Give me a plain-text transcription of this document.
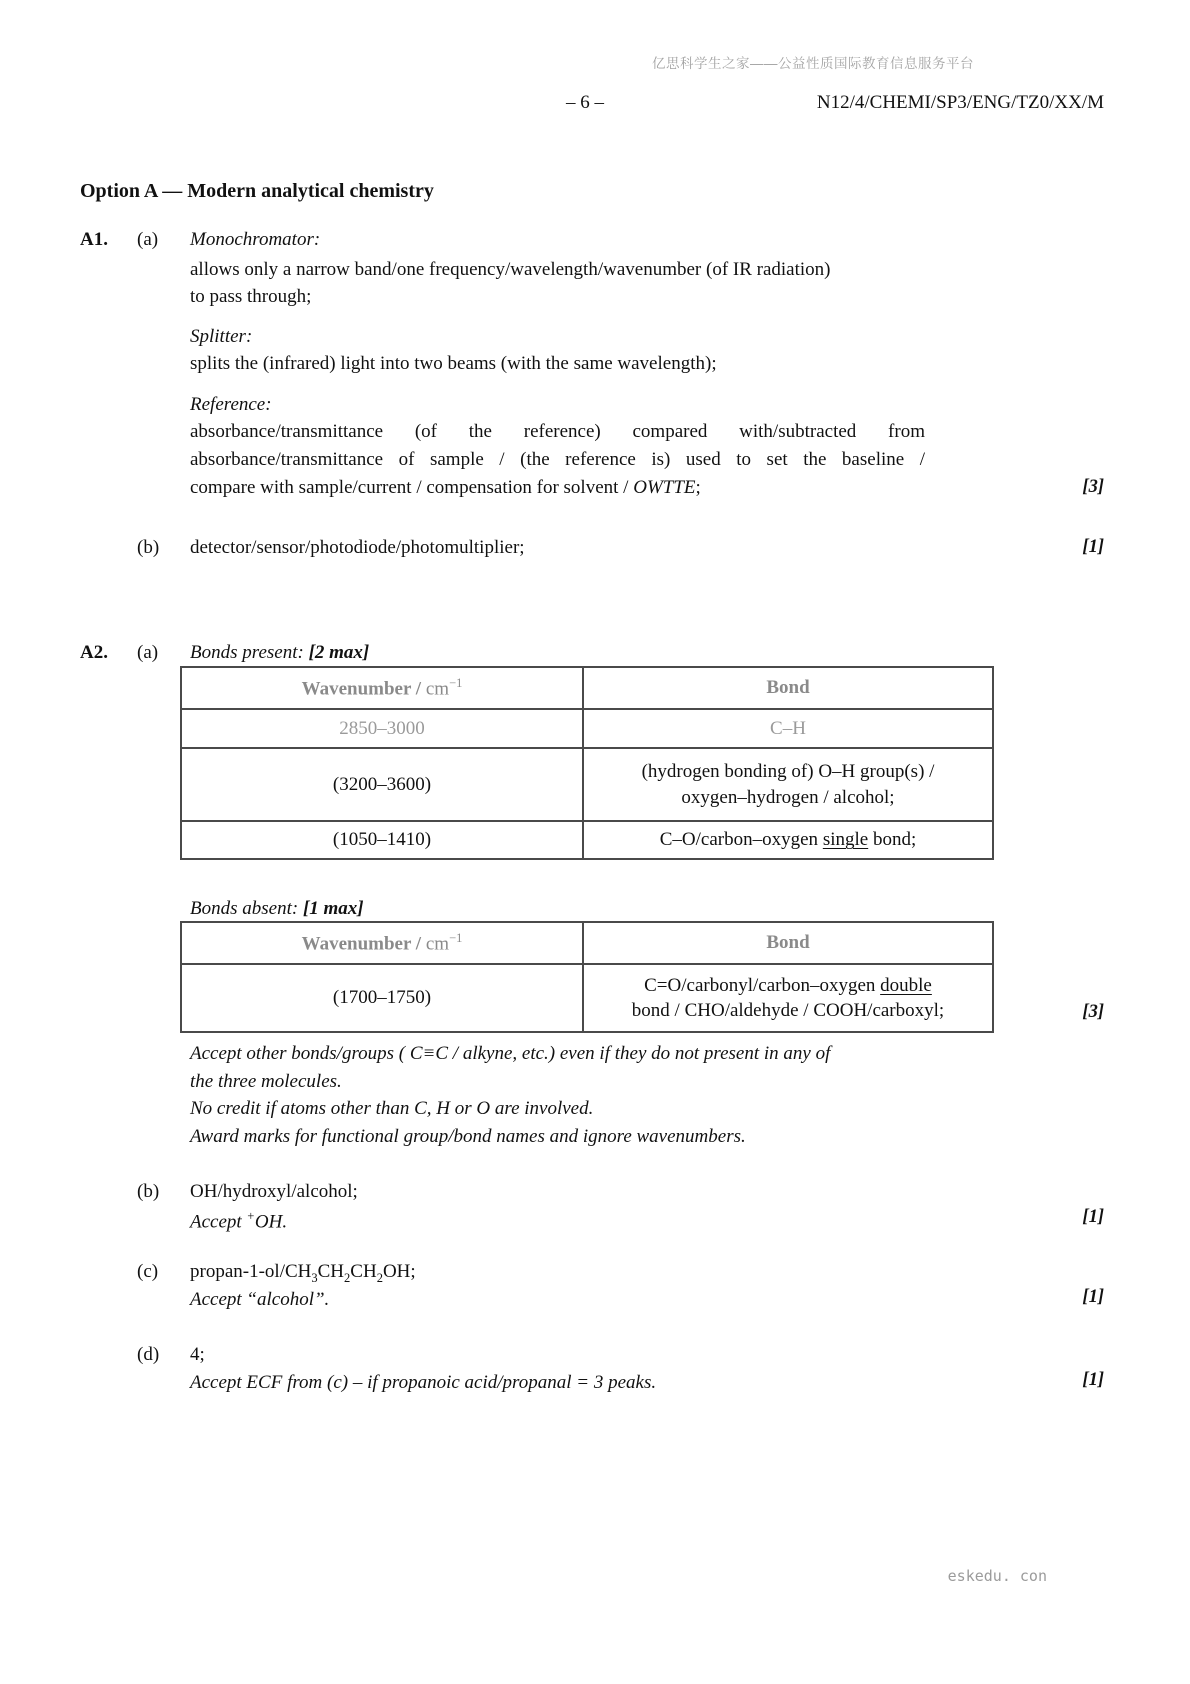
亿思科学生之家——公益性质国际教育信息服务平台
– 6 –	N12/4/CHEMI/SP3/ENG/TZ0/XX/M
Option A — Modern analytical chemistry
A1. (a) Monochromator:
allows only a narrow band/one frequency/wavelength/wavenumber (of IR radiation)
to pass through;
Splitter:
splits the (infrared) light into two beams (with the same wavelength);
Reference:
absorbance/transmittance (of the reference) compared with/subtracted from
absorbance/transmittance of sample / (the reference is) used to set the baseline /
compare with sample/current / compensation for solvent / OWTTE;	[3]
(b) detector/sensor/photodiode/photomultiplier;	[1]
A2. (a) Bonds present: [2 max]
Wavenumber / $cm^{-1}$	Bond
2850–3000	C–H
(3200–3600)	(hydrogen bonding of) O–H group(s) /
oxygen–hydrogen / alcohol;

(1050–1410)	C–O/carbon–oxygen single bond;
Bonds absent: [1 max]
Wavenumber / $cm^{-1}$	Bond
(1700–1750)	C=O/carbonyl/carbon–oxygen double
bond / CHO/aldehyde / COOH/carboxyl;	[3]
Accept other bonds/groups ( C≡C / alkyne, etc.) even if they do not present in any of
the three molecules.
No credit if atoms other than C, H or O are involved.
Award marks for functional group/bond names and ignore wavenumbers.
(b) OH/hydroxyl/alcohol;
Accept +OH.	[1]
(c) propan-$1-ol/CH_3CH_2CH_2OH$;
Accept “alcohol”.	[1]
(d) 4;
Accept ECF from (c) – if propanoic acid/propanal = 3 peaks.	[1]
eskedu. con
